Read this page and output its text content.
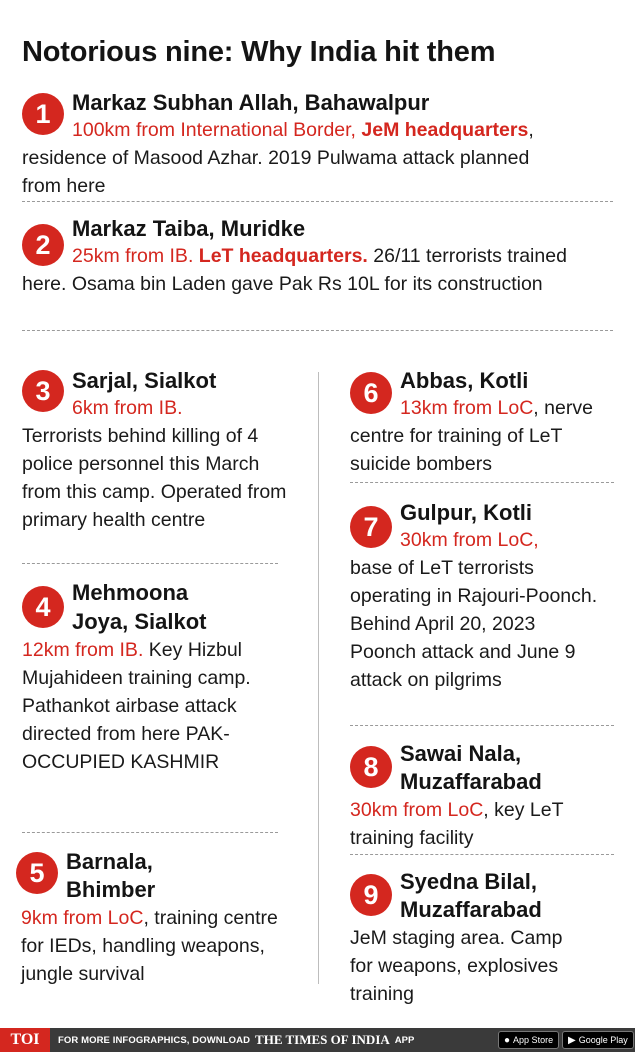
Notorious nine: Why India hit them
1 Markaz Subhan Allah, Bahawalpur
100km from International Border, JeM headquarters, residence of Masood Azhar. 2019 Pulwama attack planned from here
2
Markaz Taiba, Muridke
25km from IB. LeT headquarters. 26/11 terrorists trained here. Osama bin Laden gave Pak Rs 10L for its construction
3 Sarjal, Sialkot
6km from IB.
Terrorists behind killing of 4 police personnel this March from this camp. Operated from primary health centre
4 Mehmoona Joya, Sialkot
12km from IB. Key Hizbul Mujahideen training camp. Pathankot airbase attack directed from here PAK-OCCUPIED KASHMIR
5 Barnala, Bhimber
9km from LoC, training centre for IEDs, handling weapons, jungle survival
6 Abbas, Kotli
13km from LoC, nerve centre for training of LeT suicide bombers
7 Gulpur, Kotli
30km from LoC,
base of LeT terrorists operating in Rajouri-Poonch. Behind April 20, 2023 Poonch attack and June 9 attack on pilgrims
8 Sawai Nala, Muzaffarabad
30km from LoC, key LeT training facility
9 Syedna Bilal, Muzaffarabad
JeM staging area. Camp for weapons, explosives training
TOI	FOR MORE INFOGRAPHICS, DOWNLOAD THE TIMES OF INDIA APP	● App Store ▶ Google Play
